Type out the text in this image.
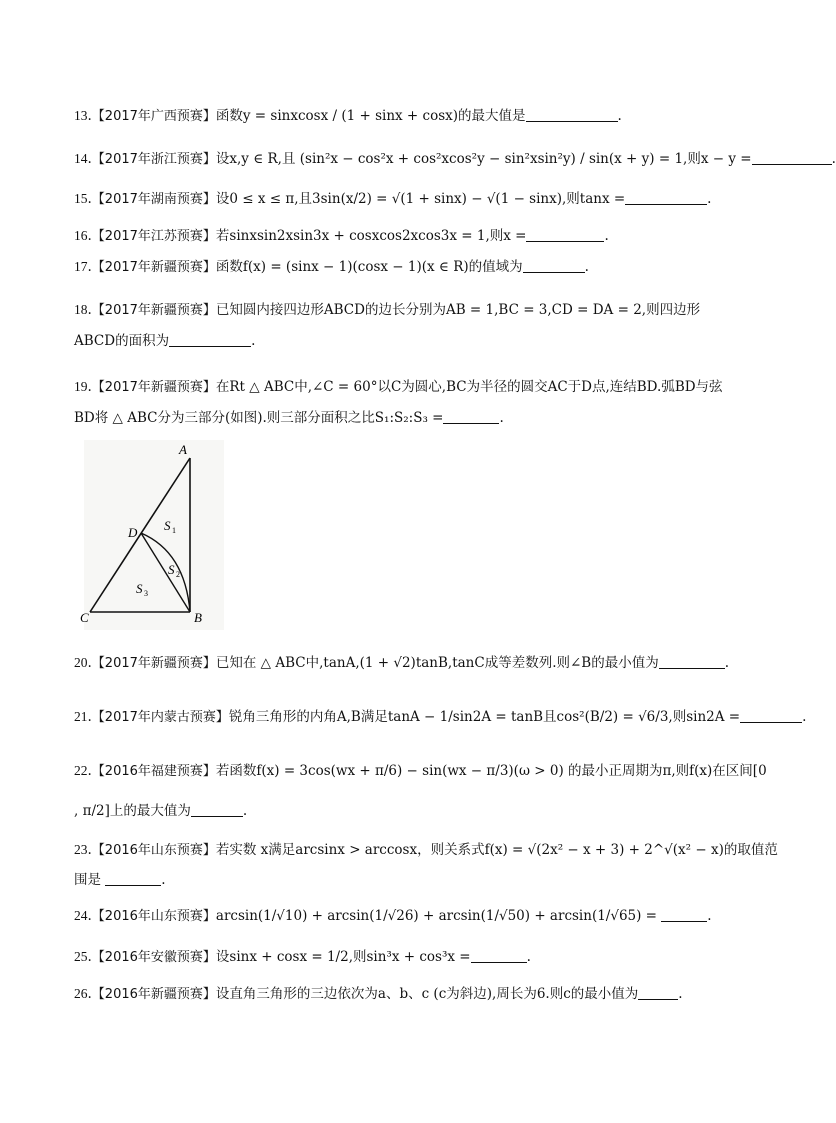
13.【2017年广西预赛】函数y = sinxcosx / (1 + sinx + cosx)的最大值是	.
14.【2017年浙江预赛】设x,y ∈ R,且 (sin²x − cos²x + cos²xcos²y − sin²xsin²y) / sin(x + y) = 1,则x − y =	.
15.【2017年湖南预赛】设0 ≤ x ≤ π,且3sin(x/2) = √(1 + sinx) − √(1 − sinx),则tanx =	.
16.【2017年江苏预赛】若sinxsin2xsin3x + cosxcos2xcos3x = 1,则x =	.
17.【2017年新疆预赛】函数f(x) = (sinx − 1)(cosx − 1)(x ∈ R)的值域为	.
18.【2017年新疆预赛】已知圆内接四边形ABCD的边长分别为AB = 1,BC = 3,CD = DA = 2,则四边形
ABCD的面积为	.
19.【2017年新疆预赛】在Rt △ ABC中,∠C = 60°以C为圆心,BC为半径的圆交AC于D点,连结BD.弧BD与弦
BD将 △ ABC分为三部分(如图).则三部分面积之比S₁:S₂:S₃ =	.
A
B
C
D S 1
S 2
S 3
20.【2017年新疆预赛】已知在 △ ABC中,tanA,(1 + √2)tanB,tanC成等差数列.则∠B的最小值为	.
21.【2017年内蒙古预赛】锐角三角形的内角A,B满足tanA − 1/sin2A = tanB且cos²(B/2) = √6/3,则sin2A =	.
22.【2016年福建预赛】若函数f(x) = 3cos(wx + π/6) − sin(wx − π/3)(ω > 0) 的最小正周期为π,则f(x)在区间[0
, π/2]上的最大值为	.
23.【2016年山东预赛】若实数 x满足arcsinx > arccosx，则关系式f(x) = √(2x² − x + 3) + 2^√(x² − x)的取值范
围是	.
24.【2016年山东预赛】arcsin(1/√10) + arcsin(1/√26) + arcsin(1/√50) + arcsin(1/√65) =	.
25.【2016年安徽预赛】设sinx + cosx = 1/2,则sin³x + cos³x =	.
26.【2016年新疆预赛】设直角三角形的三边依次为a、b、c (c为斜边),周长为6.则c的最小值为	.
